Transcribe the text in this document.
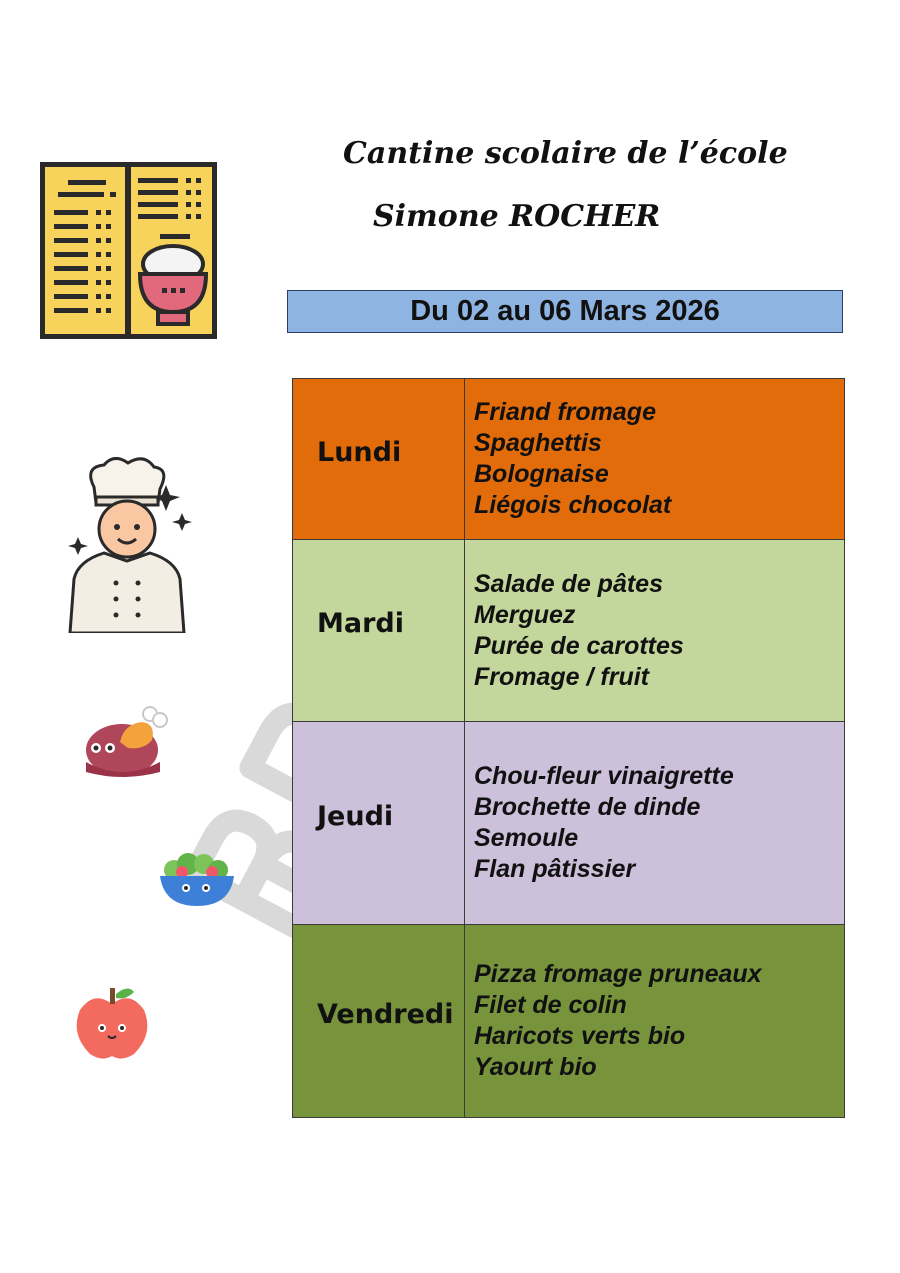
Cantine scolaire de l’école
Simone ROCHER
Du 02 au 06 Mars 2026
Lundi	Friand fromage
Spaghettis
Bolognaise
Liégois chocolat

Mardi	Salade de pâtes
Merguez
Purée de carottes
Fromage / fruit

Jeudi	Chou-fleur vinaigrette
Brochette de dinde
Semoule
Flan pâtissier

Vendredi	Pizza fromage pruneaux
Filet de colin
Haricots verts bio
Yaourt bio
